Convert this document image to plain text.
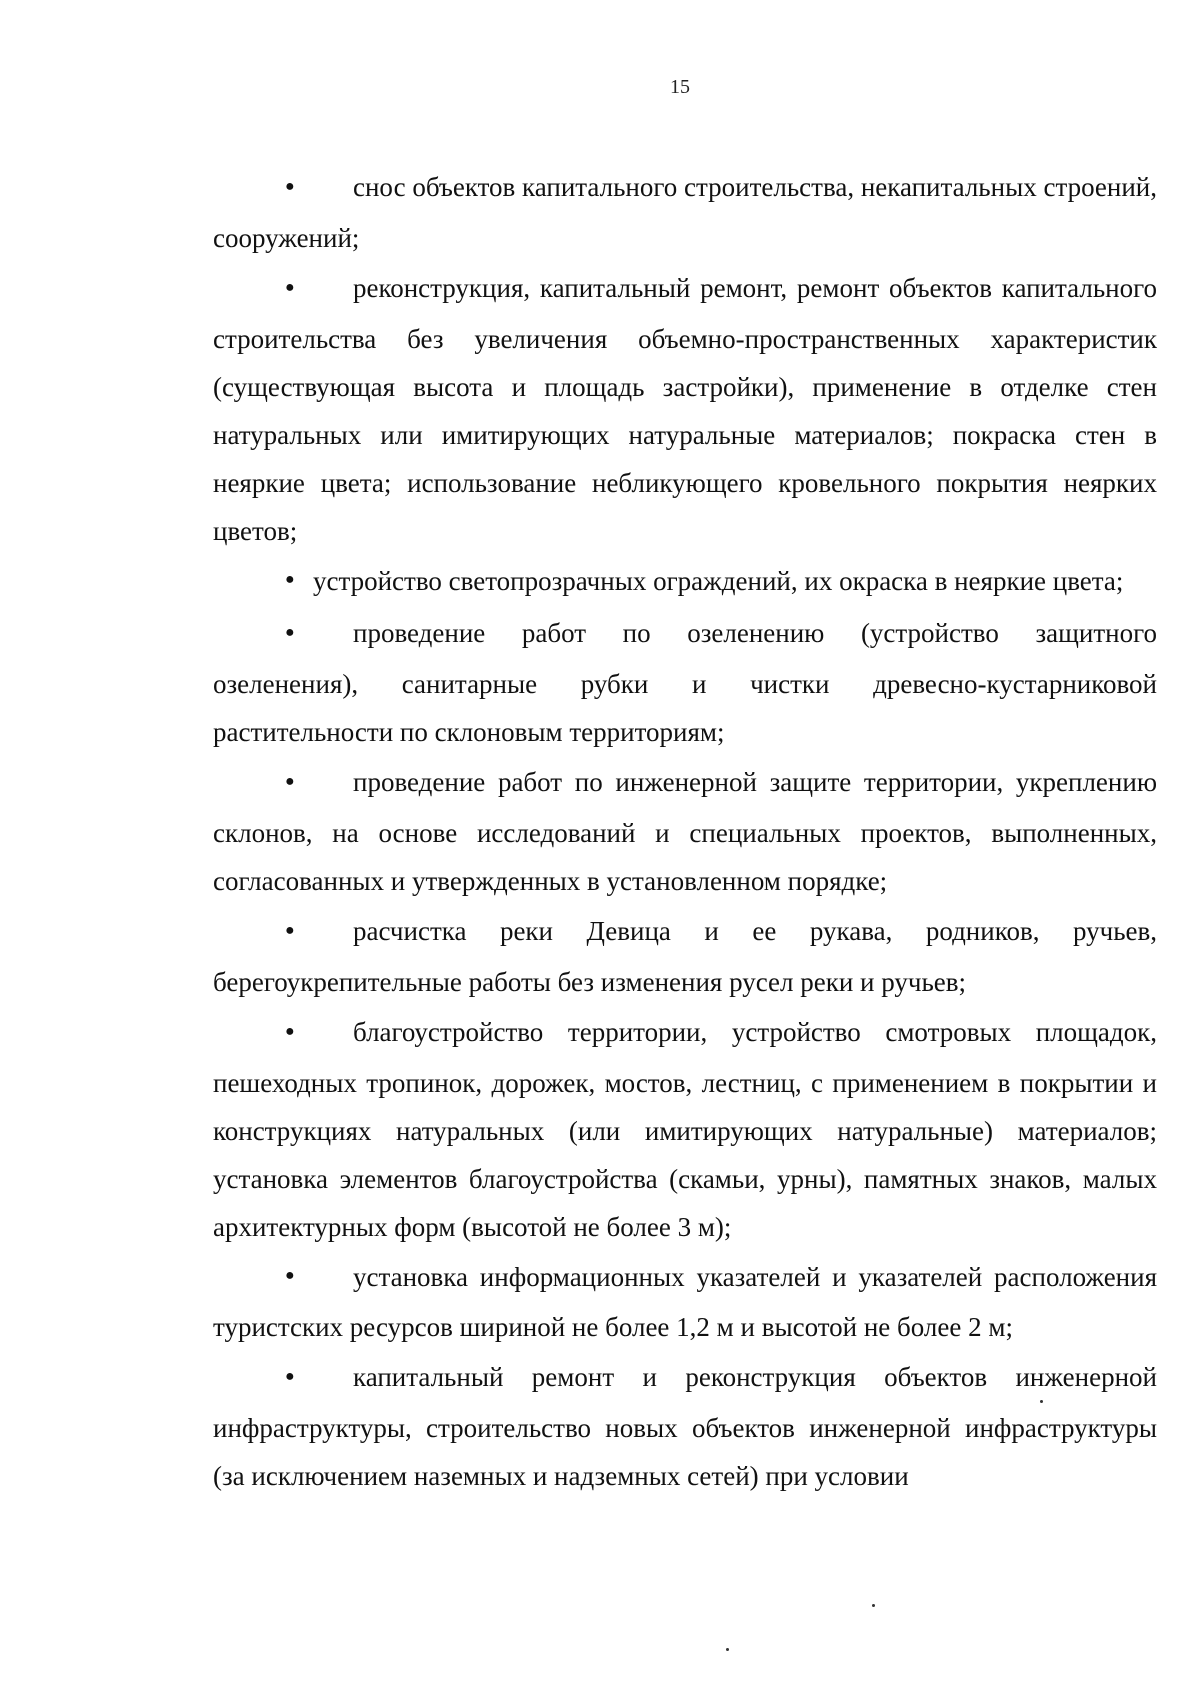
15

● снос объектов капитального строительства, некапитальных строений, сооружений;

● реконструкция, капитальный ремонт, ремонт объектов капитального строительства без увеличения объемно-пространственных характеристик (существующая высота и площадь застройки), применение в отделке стен натуральных или имитирующих натуральные материалов; покраска стен в неяркие цвета; использование небликующего кровельного покрытия неярких цветов;

● устройство светопрозрачных ограждений, их окраска в неяркие цвета;

● проведение работ по озеленению (устройство защитного озеленения), санитарные рубки и чистки древесно-кустарниковой растительности по склоновым территориям;

● проведение работ по инженерной защите территории, укреплению склонов, на основе исследований и специальных проектов, выполненных, согласованных и утвержденных в установленном порядке;

● расчистка реки Девица и ее рукава, родников, ручьев, берегоукрепительные работы без изменения русел реки и ручьев;

● благоустройство территории, устройство смотровых площадок, пешеходных тропинок, дорожек, мостов, лестниц, с применением в покрытии и конструкциях натуральных (или имитирующих натуральные) материалов; установка элементов благоустройства (скамьи, урны), памятных знаков, малых архитектурных форм (высотой не более 3 м);

● установка информационных указателей и указателей расположения туристских ресурсов шириной не более 1,2 м и высотой не более 2 м;

● капитальный ремонт и реконструкция объектов инженерной инфраструктуры, строительство новых объектов инженерной инфраструктуры (за исключением наземных и надземных сетей) при условии
